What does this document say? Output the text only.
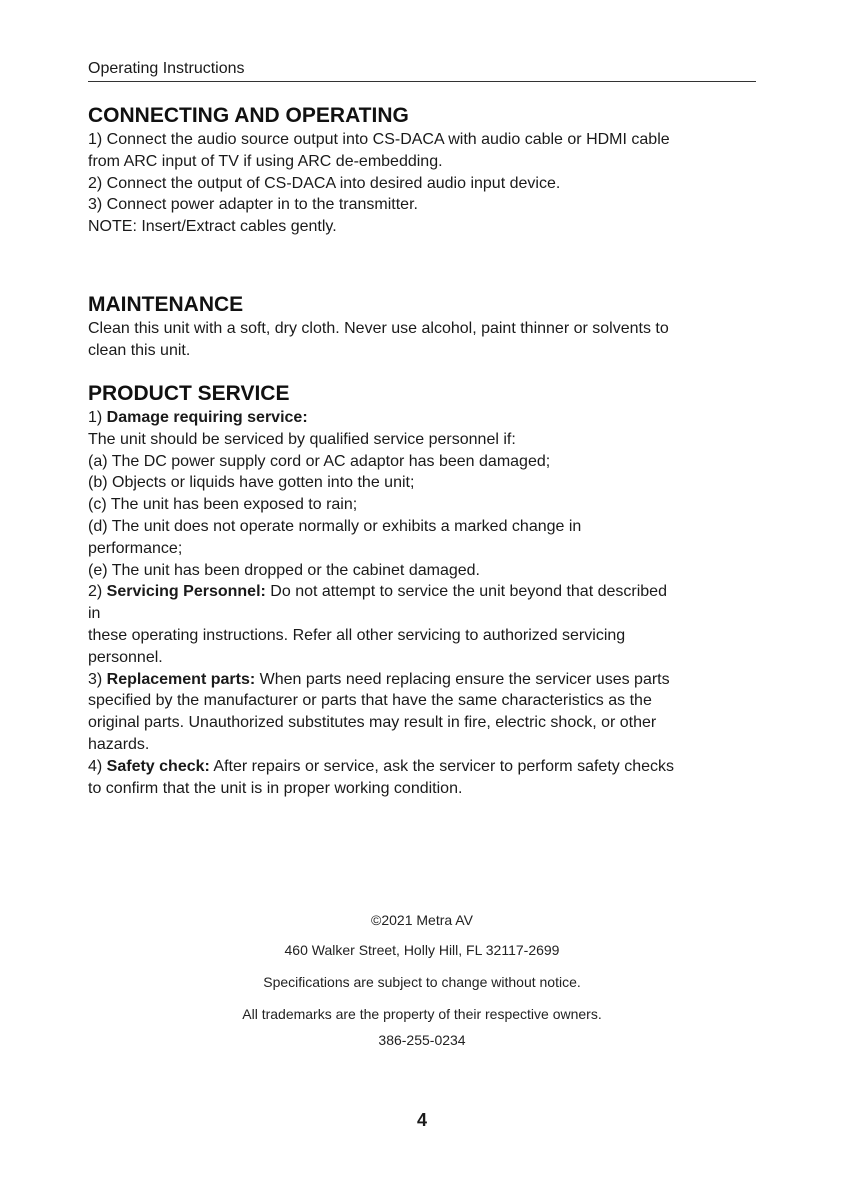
Operating Instructions
CONNECTING AND OPERATING
1) Connect the audio source output into CS-DACA with audio cable or HDMI cable
from ARC input of TV if using ARC de-embedding.
2) Connect the output of CS-DACA into desired audio input device.
3) Connect power adapter in to the transmitter.
NOTE: Insert/Extract cables gently.
MAINTENANCE
Clean this unit with a soft, dry cloth. Never use alcohol, paint thinner or solvents to
clean this unit.
PRODUCT SERVICE
1) Damage requiring service:
The unit should be serviced by qualified service personnel if:
(a) The DC power supply cord or AC adaptor has been damaged;
(b) Objects or liquids have gotten into the unit;
(c) The unit has been exposed to rain;
(d) The unit does not operate normally or exhibits a marked change in
performance;
(e) The unit has been dropped or the cabinet damaged.
2) Servicing Personnel: Do not attempt to service the unit beyond that described
in
these operating instructions. Refer all other servicing to authorized servicing
personnel.
3) Replacement parts: When parts need replacing ensure the servicer uses parts
specified by the manufacturer or parts that have the same characteristics as the
original parts. Unauthorized substitutes may result in fire, electric shock, or other
hazards.
4) Safety check: After repairs or service, ask the servicer to perform safety checks
to confirm that the unit is in proper working condition.
©2021 Metra AV
460 Walker Street, Holly Hill, FL 32117-2699
Specifications are subject to change without notice.
All trademarks are the property of their respective owners.
386-255-0234
4
